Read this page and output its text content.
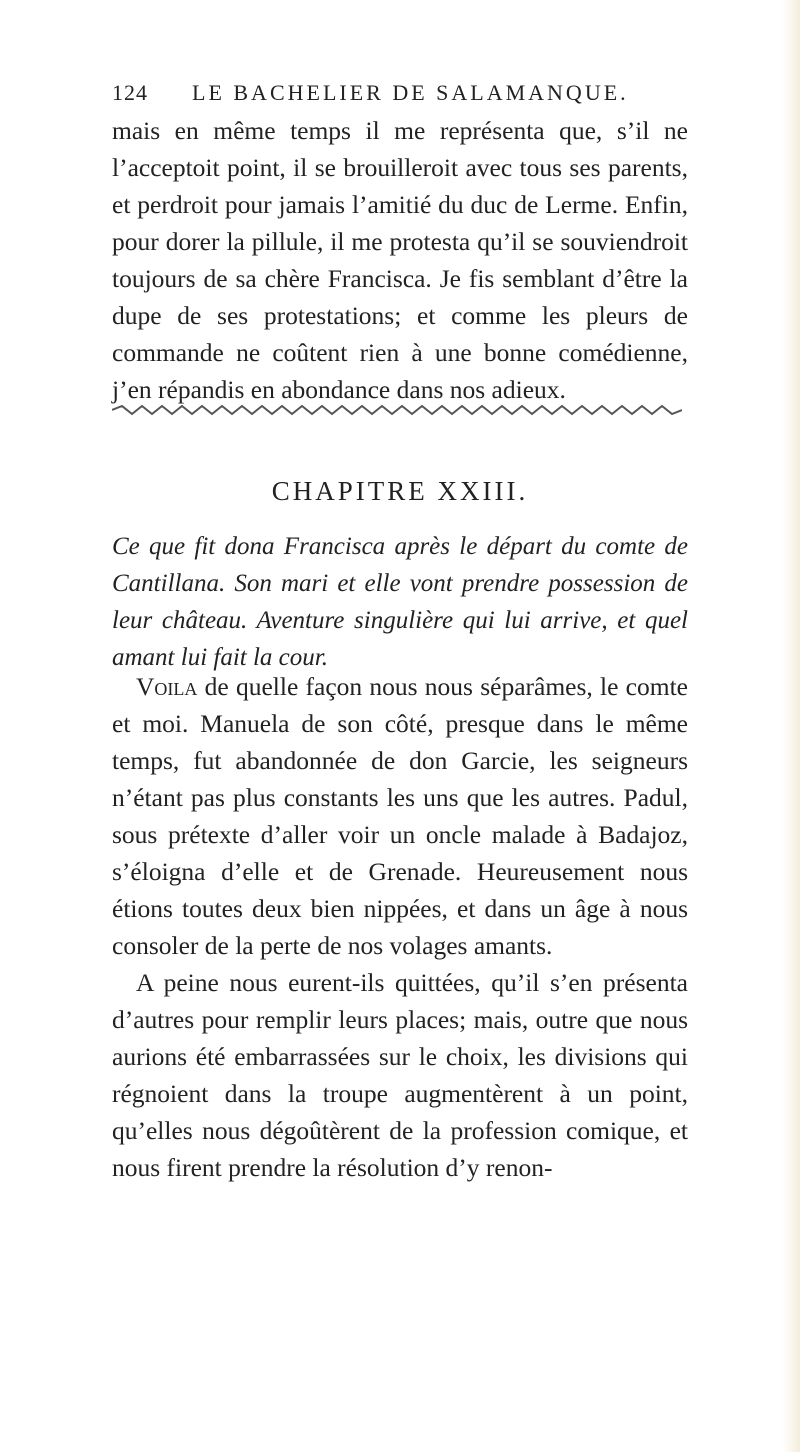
124 LE BACHELIER DE SALAMANQUE.

mais en même temps il me représenta que, s’il ne l’acceptoit point, il se brouilleroit avec tous ses parents, et perdroit pour jamais l’amitié du duc de Lerme. Enfin, pour dorer la pillule, il me protesta qu’il se souviendroit toujours de sa chère Francisca. Je fis semblant d’être la dupe de ses protestations; et comme les pleurs de commande ne coûtent rien à une bonne comédienne, j’en répandis en abondance dans nos adieux.

CHAPITRE XXIII.
Ce que fit dona Francisca après le départ du comte de Cantillana. Son mari et elle vont prendre possession de leur château. Aventure singulière qui lui arrive, et quel amant lui fait la cour.

Voila de quelle façon nous nous séparâmes, le comte et moi. Manuela de son côté, presque dans le même temps, fut abandonnée de don Garcie, les seigneurs n’étant pas plus constants les uns que les autres. Padul, sous prétexte d’aller voir un oncle malade à Badajoz, s’éloigna d’elle et de Grenade. Heureusement nous étions toutes deux bien nippées, et dans un âge à nous consoler de la perte de nos volages amants.

A peine nous eurent-ils quittées, qu’il s’en présenta d’autres pour remplir leurs places; mais, outre que nous aurions été embarrassées sur le choix, les divisions qui régnoient dans la troupe augmentèrent à un point, qu’elles nous dégoûtèrent de la profession comique, et nous firent prendre la résolution d’y renon-
